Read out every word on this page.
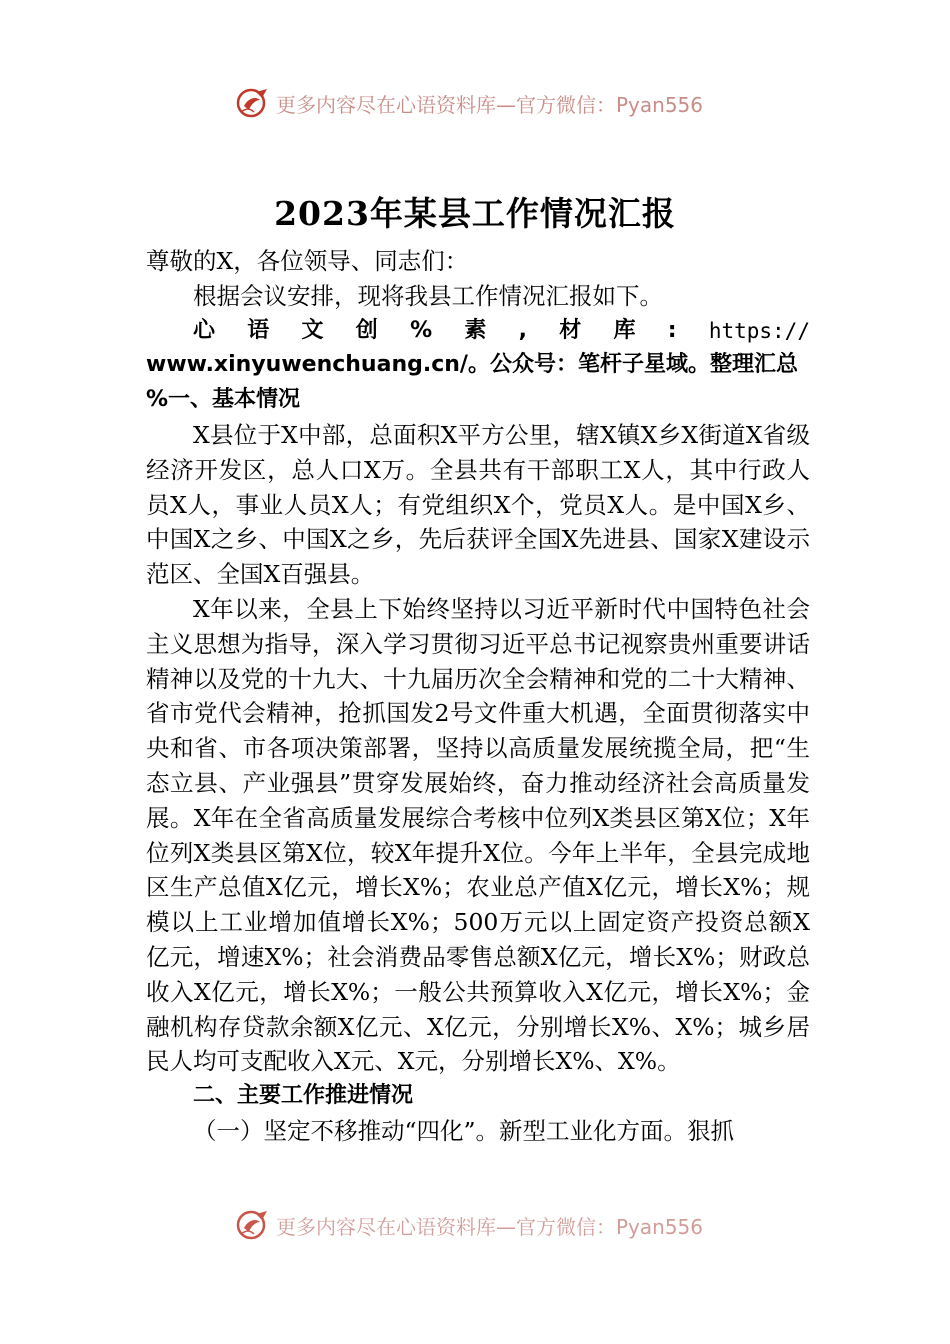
更多内容尽在心语资料库—官方微信：Pyan556
2023年某县工作情况汇报

尊敬的X，各位领导、同志们：

根据会议安排，现将我县工作情况汇报如下。

心 语 文 创 % 素 , 材 库 : https://
www.xinyuwenchuang.cn/。公众号：笔杆子星域。整理汇总

%一、基本情况

X县位于X中部，总面积X平方公里，辖X镇X乡X街道X省级经济开发区，总人口X万。全县共有干部职工X人，其中行政人员X人，事业人员X人；有党组织X个，党员X人。是中国X乡、中国X之乡、中国X之乡，先后获评全国X先进县、国家X建设示范区、全国X百强县。

X年以来，全县上下始终坚持以习近平新时代中国特色社会主义思想为指导，深入学习贯彻习近平总书记视察贵州重要讲话精神以及党的十九大、十九届历次全会精神和党的二十大精神、省市党代会精神，抢抓国发2号文件重大机遇，全面贯彻落实中央和省、市各项决策部署，坚持以高质量发展统揽全局，把“生态立县、产业强县”贯穿发展始终，奋力推动经济社会高质量发展。X年在全省高质量发展综合考核中位列X类县区第X位；X年位列X类县区第X位，较X年提升X位。今年上半年，全县完成地区生产总值X亿元，增长X%；农业总产值X亿元，增长X%；规模以上工业增加值增长X%；500万元以上固定资产投资总额X亿元，增速X%；社会消费品零售总额X亿元，增长X%；财政总收入X亿元，增长X%；一般公共预算收入X亿元，增长X%；金融机构存贷款余额X亿元、X亿元，分别增长X%、X%；城乡居民人均可支配收入X元、X元，分别增长X%、X%。

二、主要工作推进情况

（一）坚定不移推动“四化”。新型工业化方面。狠抓

更多内容尽在心语资料库—官方微信：Pyan556
